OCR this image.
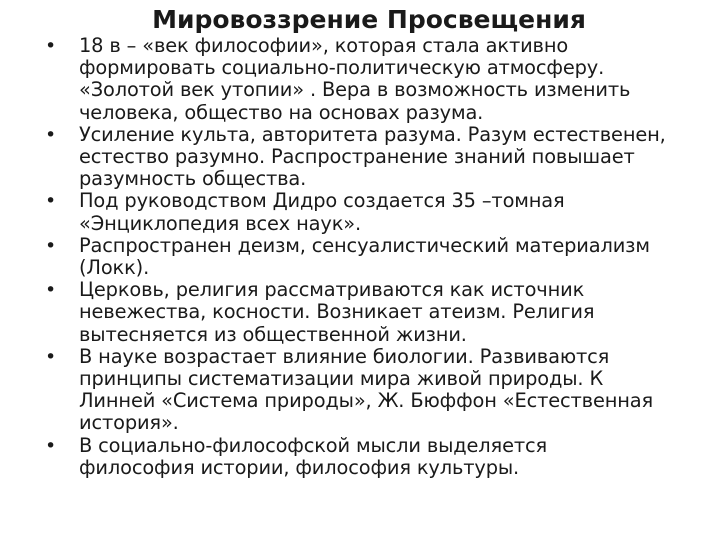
Мировоззрение Просвещения
•	18 в – «век философии», которая стала активно
формировать социально-политическую атмосферу.
«Золотой век утопии» . Вера в возможность изменить
человека, общество на основах разума.
•	Усиление культа, авторитета разума. Разум естественен,
естество разумно. Распространение знаний повышает
разумность общества.
•	Под руководством Дидро создается 35 –томная
«Энциклопедия всех наук».
•	Распространен деизм, сенсуалистический материализм
(Локк).
•	Церковь, религия рассматриваются как источник
невежества, косности. Возникает атеизм. Религия
вытесняется из общественной жизни.
•	В науке возрастает влияние биологии. Развиваются
принципы систематизации мира живой природы. К
Линней «Система природы», Ж. Бюффон «Естественная
история».
•	В социально-философской мысли выделяется
философия истории, философия культуры.
